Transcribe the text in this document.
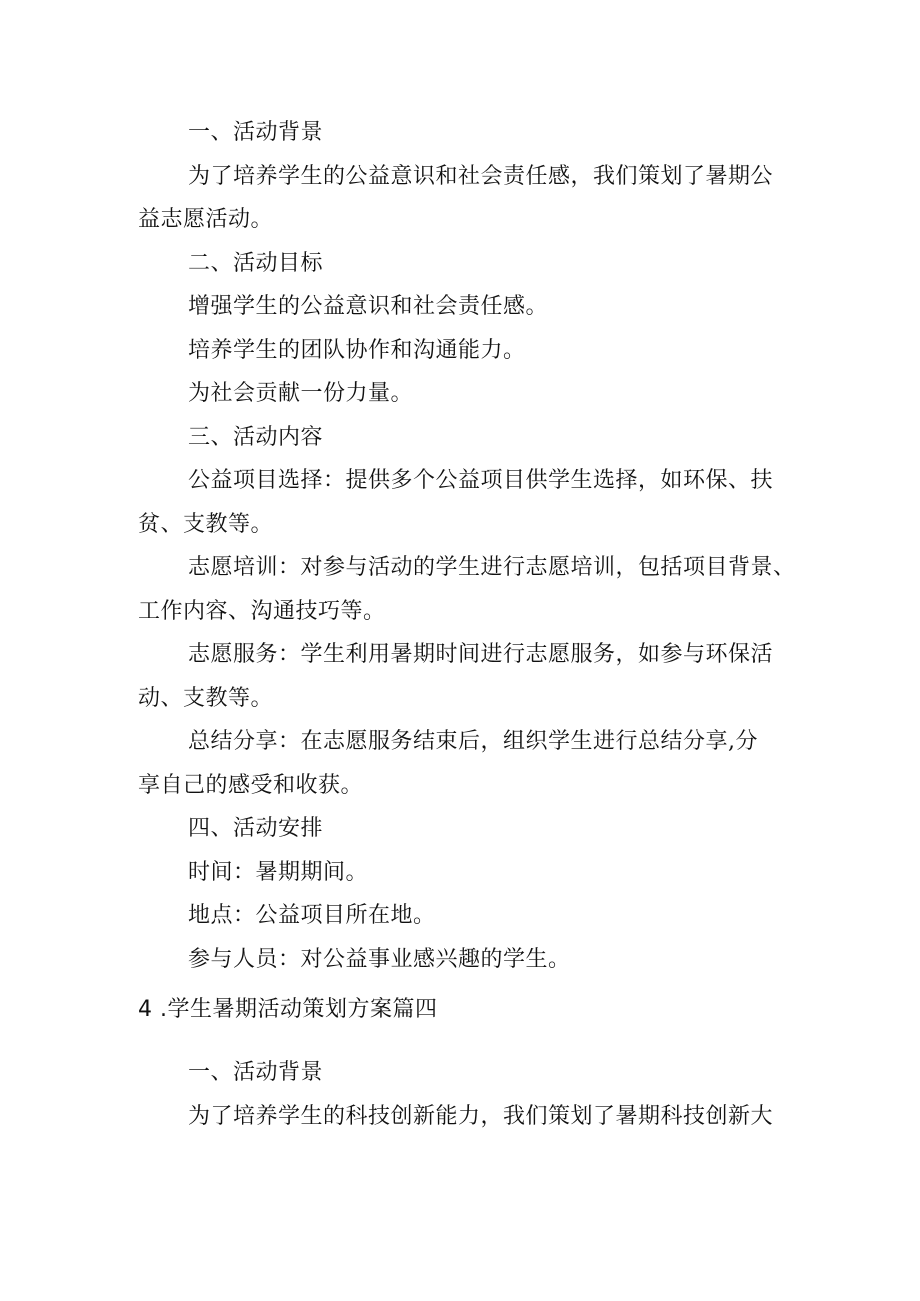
一、活动背景
为了培养学生的公益意识和社会责任感，我们策划了暑期公
益志愿活动。
二、活动目标
增强学生的公益意识和社会责任感。
培养学生的团队协作和沟通能力。
为社会贡献一份力量。
三、活动内容
公益项目选择：提供多个公益项目供学生选择，如环保、扶
贫、支教等。
志愿培训：对参与活动的学生进行志愿培训，包括项目背景、
工作内容、沟通技巧等。
志愿服务：学生利用暑期时间进行志愿服务，如参与环保活
动、支教等。
总结分享：在志愿服务结束后，组织学生进行总结分享,分
享自己的感受和收获。
四、活动安排
时间：暑期期间。
地点：公益项目所在地。
参与人员：对公益事业感兴趣的学生。
4 .学生暑期活动策划方案篇四
一、活动背景
为了培养学生的科技创新能力，我们策划了暑期科技创新大
